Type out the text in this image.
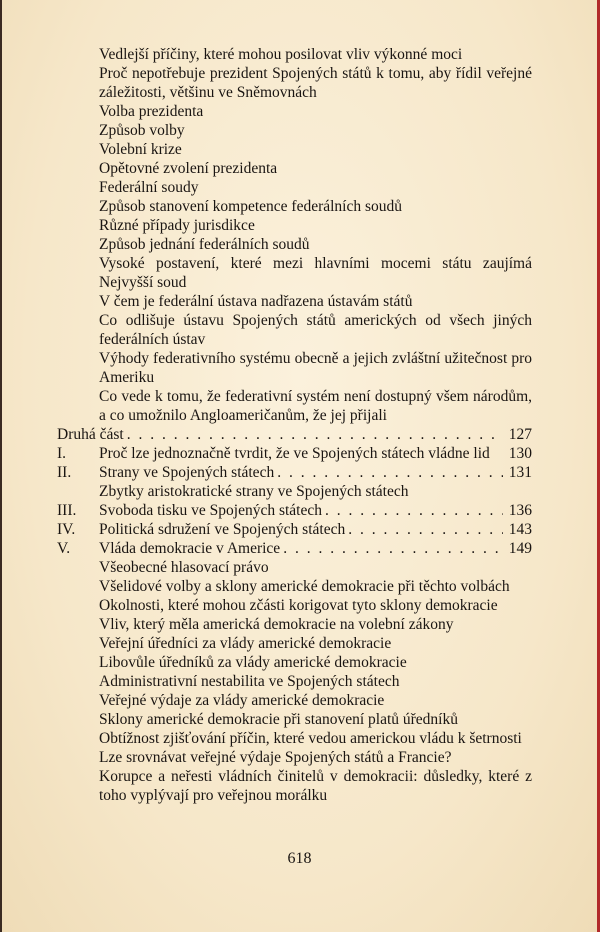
Vedlejší příčiny, které mohou posilovat vliv výkonné moci
Proč nepotřebuje prezident Spojených států k tomu, aby řídil veřejné záležitosti, většinu ve Sněmovnách
Volba prezidenta
Způsob volby
Volební krize
Opětovné zvolení prezidenta
Federální soudy
Způsob stanovení kompetence federálních soudů
Různé případy jurisdikce
Způsob jednání federálních soudů
Vysoké postavení, které mezi hlavními mocemi státu zaujímá Nejvyšší soud
V čem je federální ústava nadřazena ústavám států
Co odlišuje ústavu Spojených států amerických od všech jiných federálních ústav
Výhody federativního systému obecně a jejich zvláštní užitečnost pro Ameriku
Co vede k tomu, že federativní systém není dostupný všem národům, a co umožnilo Angloameričanům, že jej přijali
Druhá část . . .	127
I.	Proč lze jednoznačně tvrdit, že ve Spojených státech vládne lid	130
II.	Strany ve Spojených státech . . .	131
Zbytky aristokratické strany ve Spojených státech
III.	Svoboda tisku ve Spojených státech . . .	136
IV.	Politická sdružení ve Spojených státech . . .	143
V.	Vláda demokracie v Americe . . .	149
Všeobecné hlasovací právo
Všelidové volby a sklony americké demokracie při těchto volbách
Okolnosti, které mohou zčásti korigovat tyto sklony demokracie
Vliv, který měla americká demokracie na volební zákony
Veřejní úředníci za vlády americké demokracie
Libovůle úředníků za vlády americké demokracie
Administrativní nestabilita ve Spojených státech
Veřejné výdaje za vlády americké demokracie
Sklony americké demokracie při stanovení platů úředníků
Obtížnost zjišťování příčin, které vedou americkou vládu k šetrnosti
Lze srovnávat veřejné výdaje Spojených států a Francie?
Korupce a neřesti vládních činitelů v demokracii: důsledky, které z toho vyplývají pro veřejnou morálku
618
